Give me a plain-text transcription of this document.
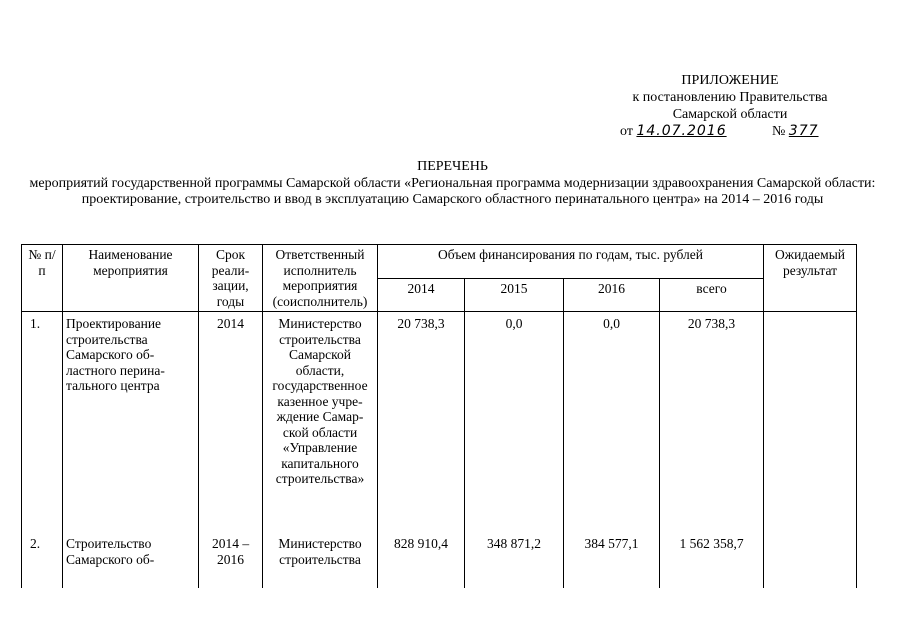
ПРИЛОЖЕНИЕ
к постановлению Правительства
Самарской области
от 14.07.2016	№ 377
ПЕРЕЧЕНЬ
мероприятий государственной программы Самарской области «Региональная программа модернизации здравоохранения Самарской области: проектирование, строительство и ввод в эксплуатацию Самарского областного перинатального центра» на 2014 – 2016 годы
№ п/п	Наименование мероприятия	Срок реали-зации, годы	Ответственный исполнитель мероприятия (соисполнитель)	Объем финансирования по годам, тыс. рублей				Ожидаемый результат
				2014	2015	2016	всего	
1.	Проектирование строительства Самарского об-ластного перина-тального центра	2014	Министерство строительства Самарской области, государственное казенное учре-ждение Самар-ской области «Управление капитального строительства»	20 738,3	0,0	0,0	20 738,3	
2.	Строительство Самарского об-	2014 – 2016	Министерство строительства	828 910,4	348 871,2	384 577,1	1 562 358,7	
